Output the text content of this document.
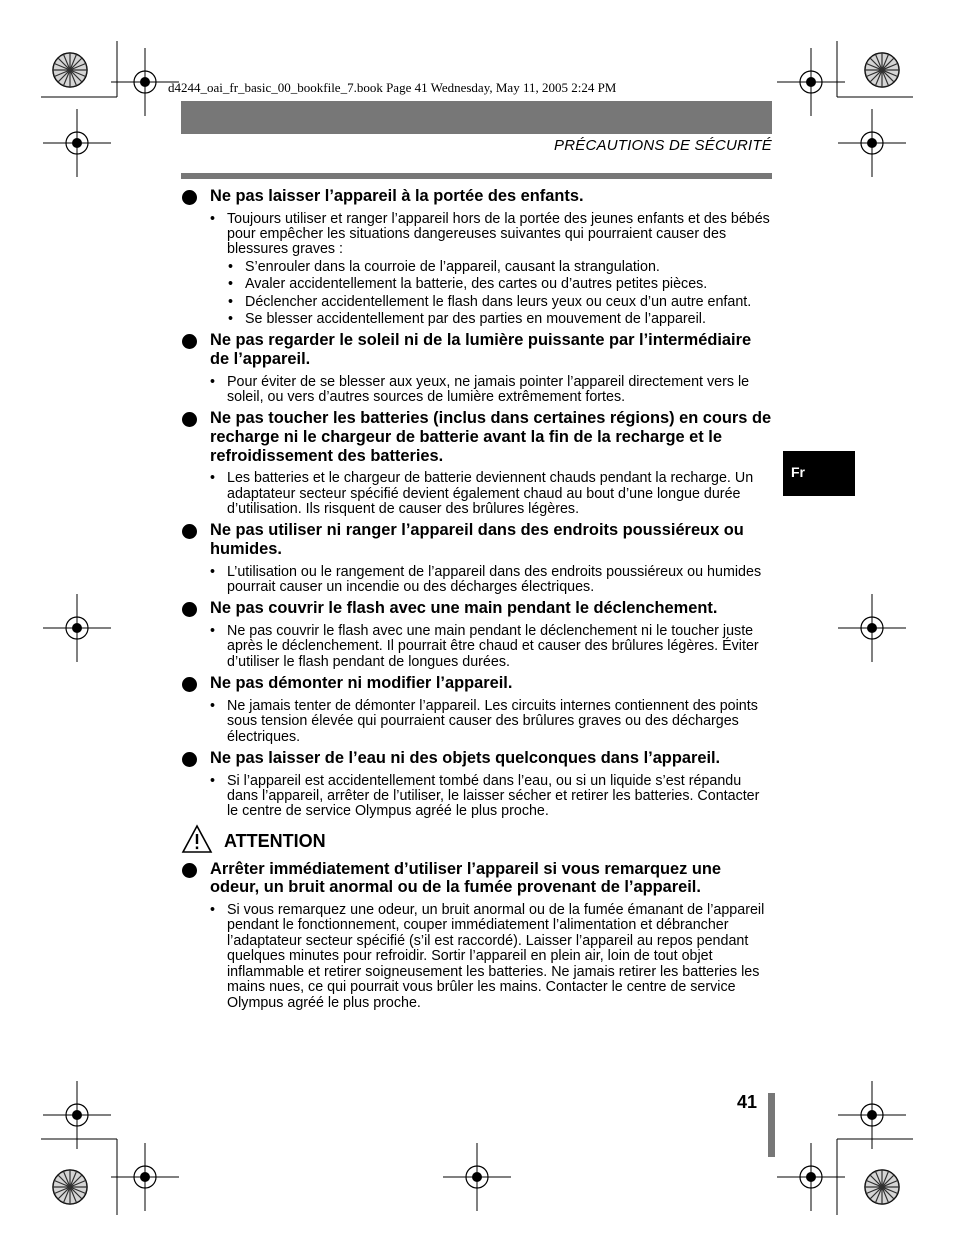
d4244_oai_fr_basic_00_bookfile_7.book Page 41 Wednesday, May 11, 2005 2:24 PM
PRÉCAUTIONS DE SÉCURITÉ
Fr
Ne pas laisser l’appareil à la portée des enfants.
• Toujours utiliser et ranger l’appareil hors de la portée des jeunes enfants et des bébés pour empêcher les situations dangereuses suivantes qui pourraient causer des blessures graves :
• S’enrouler dans la courroie de l’appareil, causant la strangulation.
• Avaler accidentellement la batterie, des cartes ou d’autres petites pièces.
• Déclencher accidentellement le flash dans leurs yeux ou ceux d’un autre enfant.
• Se blesser accidentellement par des parties en mouvement de l’appareil.
Ne pas regarder le soleil ni de la lumière puissante par l’intermédiaire de l’appareil.
• Pour éviter de se blesser aux yeux, ne jamais pointer l’appareil directement vers le soleil, ou vers d’autres sources de lumière extrêmement fortes.
Ne pas toucher les batteries (inclus dans certaines régions) en cours de recharge ni le chargeur de batterie avant la fin de la recharge et le refroidissement des batteries.
• Les batteries et le chargeur de batterie deviennent chauds pendant la recharge. Un adaptateur secteur spécifié devient également chaud au bout d’une longue durée d’utilisation. Ils risquent de causer des brûlures légères.
Ne pas utiliser ni ranger l’appareil dans des endroits poussiéreux ou humides.
• L’utilisation ou le rangement de l’appareil dans des endroits poussiéreux ou humides pourrait causer un incendie ou des décharges électriques.
Ne pas couvrir le flash avec une main pendant le déclenchement.
• Ne pas couvrir le flash avec une main pendant le déclenchement ni le toucher juste après le déclenchement. Il pourrait être chaud et causer des brûlures légères. Éviter d’utiliser le flash pendant de longues durées.
Ne pas démonter ni modifier l’appareil.
• Ne jamais tenter de démonter l’appareil. Les circuits internes contiennent des points sous tension élevée qui pourraient causer des brûlures graves ou des décharges électriques.
Ne pas laisser de l’eau ni des objets quelconques dans l’appareil.
• Si l’appareil est accidentellement tombé dans l’eau, ou si un liquide s’est répandu dans l’appareil, arrêter de l’utiliser, le laisser sécher et retirer les batteries. Contacter le centre de service Olympus agréé le plus proche.
ATTENTION
Arrêter immédiatement d’utiliser l’appareil si vous remarquez une odeur, un bruit anormal ou de la fumée provenant de l’appareil.
• Si vous remarquez une odeur, un bruit anormal ou de la fumée émanant de l’appareil pendant le fonctionnement, couper immédiatement l’alimentation et débrancher l’adaptateur secteur spécifié (s’il est raccordé). Laisser l’appareil au repos pendant quelques minutes pour refroidir. Sortir l’appareil en plein air, loin de tout objet inflammable et retirer soigneusement les batteries. Ne jamais retirer les batteries les mains nues, ce qui pourrait vous brûler les mains. Contacter le centre de service Olympus agréé le plus proche.
41
